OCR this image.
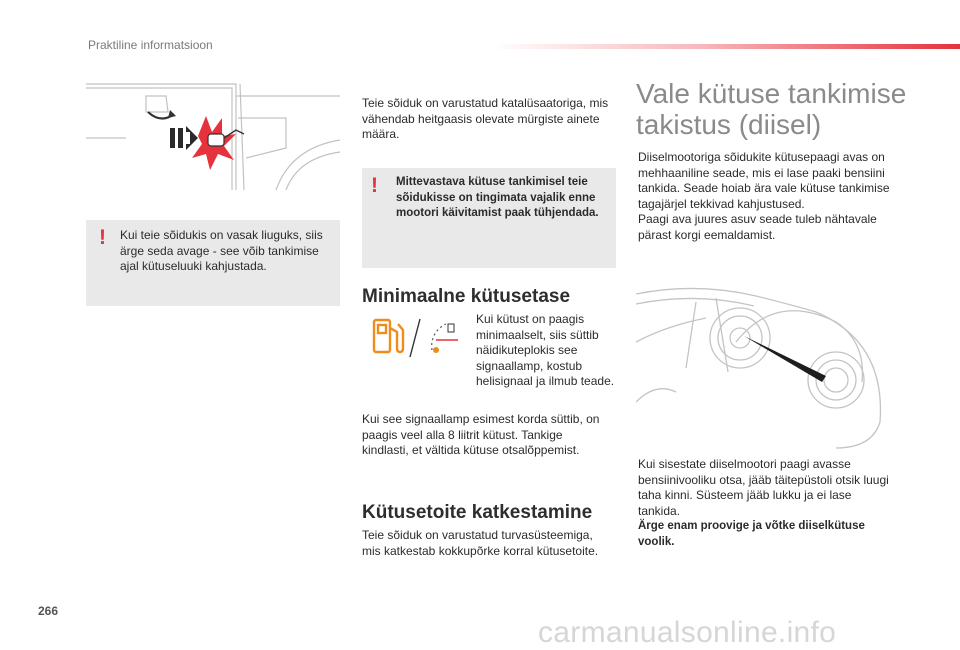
Praktiline informatsioon
! Kui teie sõidukis on vasak liuguks, siis ärge seda avage - see võib tankimise ajal kütuseluuki kahjustada.

Teie sõiduk on varustatud katalüsaatoriga, mis vähendab heitgaasis olevate mürgiste ainete määra.

! Mittevastava kütuse tankimisel teie sõidukisse on tingimata vajalik enne mootori käivitamist paak tühjendada.

Minimaalne kütusetase

Kui kütust on paagis minimaalselt, siis süttib näidikuteplokis see signaallamp, kostub helisignaal ja ilmub teade.

Kui see signaallamp esimest korda süttib, on paagis veel alla 8 liitrit kütust. Tankige kindlasti, et vältida kütuse otsalõppemist.

Kütusetoite katkestamine

Teie sõiduk on varustatud turvasüsteemiga, mis katkestab kokkupõrke korral kütusetoite.

Vale kütuse tankimise
takistus (diisel)

Diiselmootoriga sõidukite kütusepaagi avas on mehhaaniline seade, mis ei lase paaki bensiini tankida. Seade hoiab ära vale kütuse tankimise tagajärjel tekkivad kahjustused.

Paagi ava juures asuv seade tuleb nähtavale pärast korgi eemaldamist.

Kui sisestate diiselmootori paagi avasse bensiinivooliku otsa, jääb täitepüstoli otsik luugi taha kinni. Süsteem jääb lukku ja ei lase tankida.

Ärge enam proovige ja võtke diiselkütuse voolik.

266
carmanualsonline.info
